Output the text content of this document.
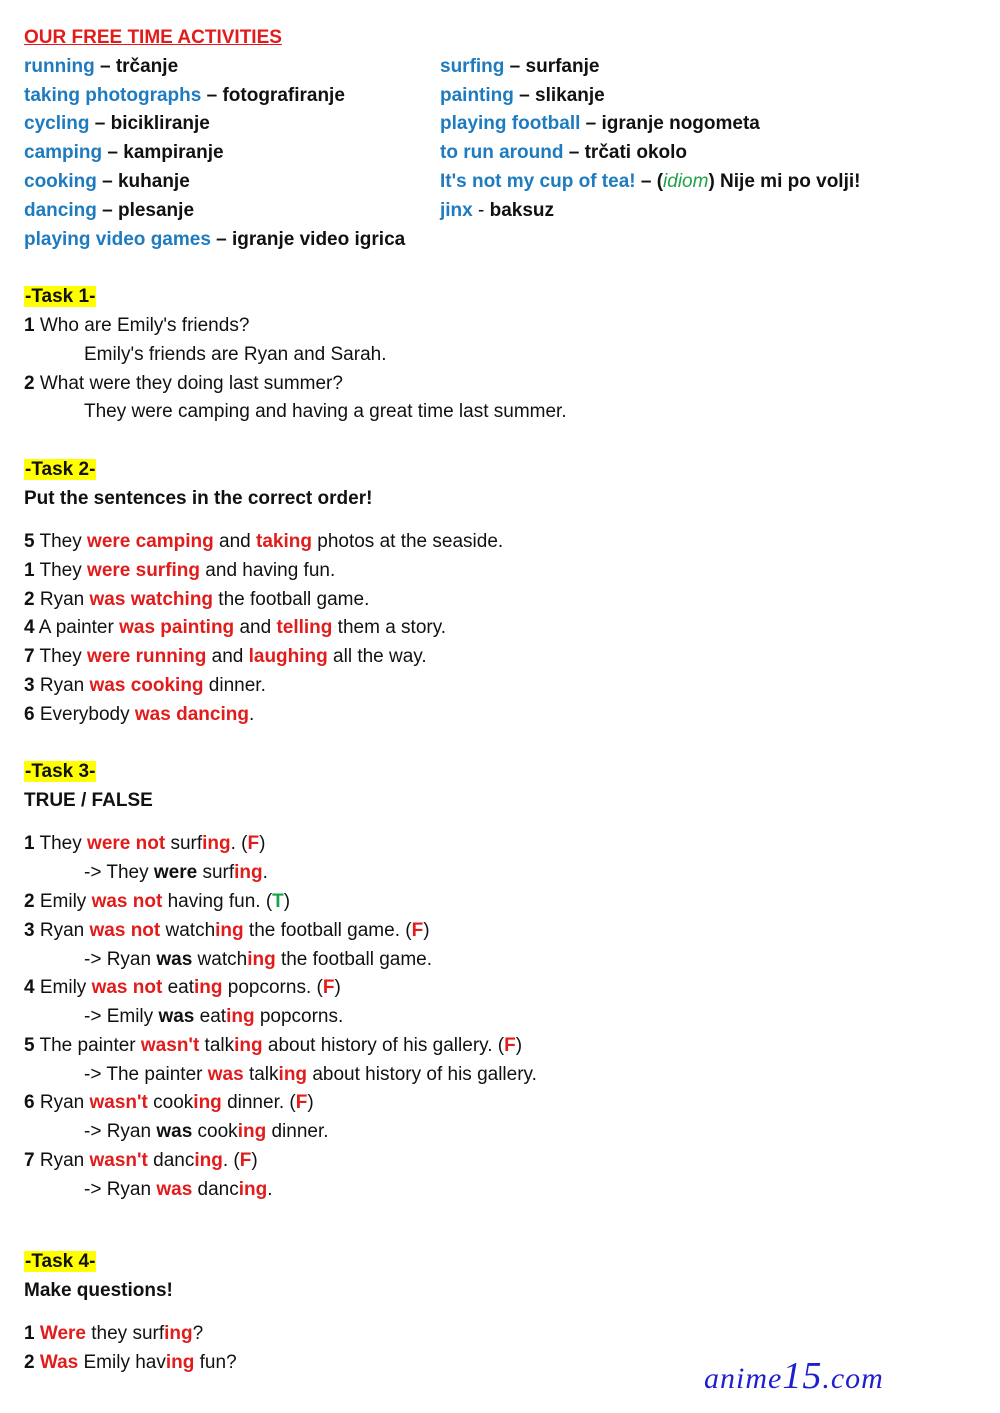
OUR FREE TIME ACTIVITIES
running – trčanje
taking photographs – fotografiranje
cycling – bicikliranje
camping – kampiranje
cooking – kuhanje
dancing – plesanje
playing video games – igranje video igrica
surfing – surfanje
painting – slikanje
playing football – igranje nogometa
to run around – trčati okolo
It's not my cup of tea! – (idiom) Nije mi po volji!
jinx - baksuz
-Task 1-
1 Who are Emily's friends?
Emily's friends are Ryan and Sarah.
2 What were they doing last summer?
They were camping and having a great time last summer.
-Task 2-
Put the sentences in the correct order!
5 They were camping and taking photos at the seaside.
1 They were surfing and having fun.
2 Ryan was watching the football game.
4 A painter was painting and telling them a story.
7 They were running and laughing all the way.
3 Ryan was cooking dinner.
6 Everybody was dancing.
-Task 3-
TRUE / FALSE
1 They were not surfing. (F)
-> They were surfing.
2 Emily was not having fun. (T)
3 Ryan was not watching the football game. (F)
-> Ryan was watching the football game.
4 Emily was not eating popcorns. (F)
-> Emily was eating popcorns.
5 The painter wasn't talking about history of his gallery. (F)
-> The painter was talking about history of his gallery.
6 Ryan wasn't cooking dinner. (F)
-> Ryan was cooking dinner.
7 Ryan wasn't dancing. (F)
-> Ryan was dancing.
-Task 4-
Make questions!
1 Were they surfing?
2 Was Emily having fun?	anime15.com
